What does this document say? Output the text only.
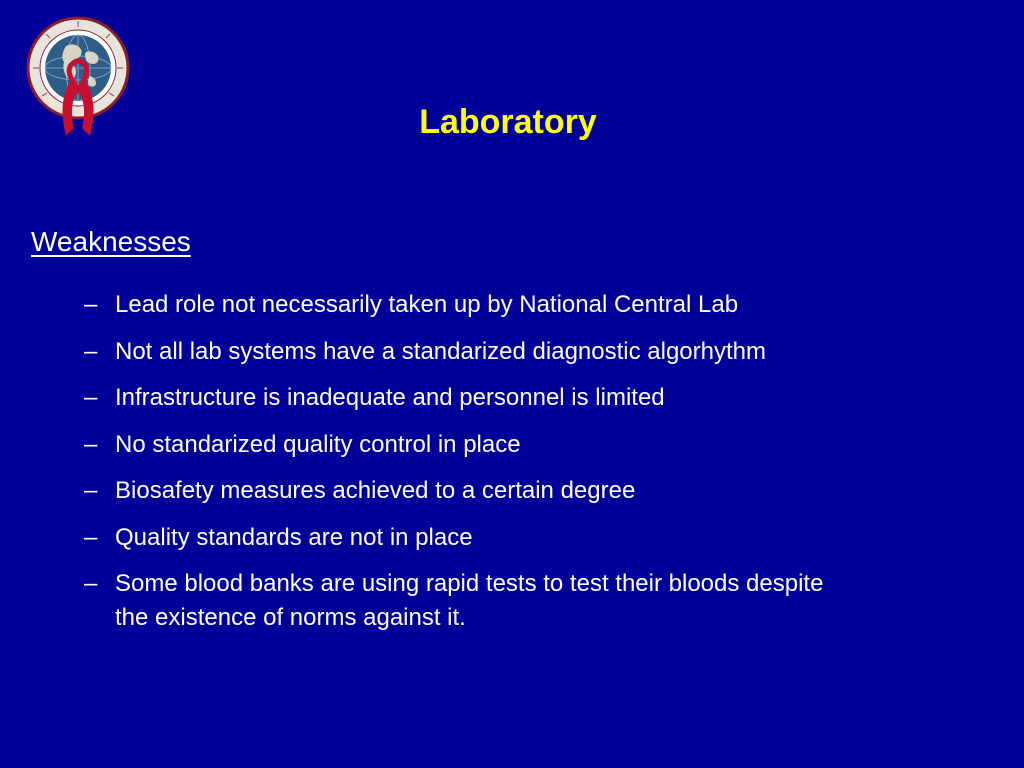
Laboratory
Weaknesses
– Lead role not necessarily taken up by National Central Lab
– Not all lab systems have a standarized diagnostic algorhythm
– Infrastructure is inadequate and personnel is limited
– No standarized quality control in place
– Biosafety measures achieved to a certain degree
– Quality standards are not in place
– Some blood banks are using rapid tests to test their bloods despite
the existence of norms against it.
